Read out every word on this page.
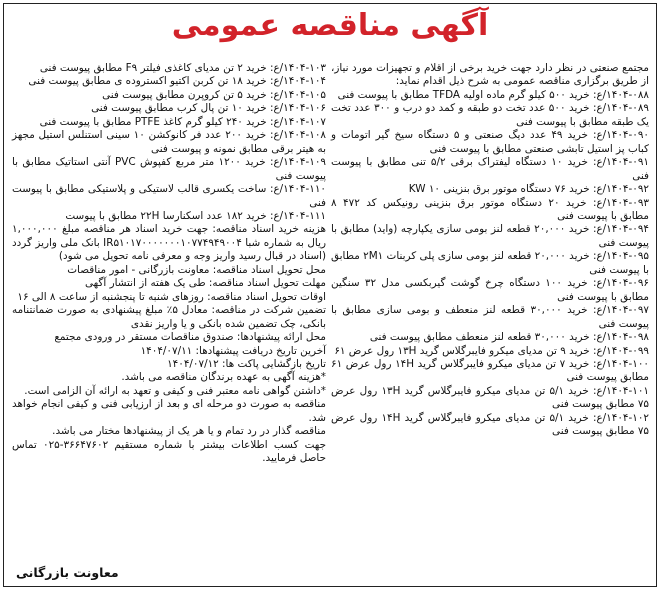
آگهی مناقصه عمومی

مجتمع صنعتی در نظر دارد جهت خرید برخی از اقلام و تجهیزات مورد نیاز، از طریق برگزاری مناقصه عمومی به شرح ذیل اقدام نماید:

۱۴۰۴-۰۸۸/ع: خرید ۵۰۰ کیلو گرم ماده اولیه TFDA مطابق با پیوست فنی

۱۴۰۴-۰۸۹/ع: خرید ۵۰۰ عدد تخت دو طبقه و کمد دو درب و ۳۰۰ عدد تخت یک طبقه مطابق با پیوست فنی

۱۴۰۴-۰۹۰/ع: خرید ۴۹ عدد دیگ صنعتی و ۵ دستگاه سیخ گیر اتومات و کباب پز استیل تابشی صنعتی مطابق با پیوست فنی

۱۴۰۴-۰۹۱/ع: خرید ۱۰ دستگاه لیفتراک برقی ۵/۲ تنی مطابق با پیوست فنی

۱۴۰۴-۰۹۲/ع: خرید ۷۶ دستگاه موتور برق بنزینی ۱۰ KW

۱۴۰۴-۰۹۳/ع: خرید ۲۰ دستگاه موتور برق بنزینی رونیکس کد ۴۷۲ ۸ مطابق با پیوست فنی

۱۴۰۴-۰۹۴/ع: خرید ۲۰,۰۰۰ قطعه لنز بومی سازی یکپارچه (واید) مطابق با پیوست فنی

۱۴۰۴-۰۹۵/ع: خرید ۲۰,۰۰۰ قطعه لنز بومی سازی پلی کربنات ۲M۱ مطابق با پیوست فنی

۱۴۰۴-۰۹۶/ع: خرید ۱۰۰ دستگاه چرخ گوشت گیربکسی مدل ۳۲ سنگین مطابق با پیوست فنی

۱۴۰۴-۰۹۷/ع: خرید ۳۰,۰۰۰ قطعه لنز منعطف و بومی سازی مطابق با پیوست فنی

۱۴۰۴-۰۹۸/ع: خرید ۳۰,۰۰۰ قطعه لنز منعطف مطابق پیوست فنی

۱۴۰۴-۰۹۹/ع: خرید ۹ تن مدیای میکرو فایبرگلاس گرید ۱۳H رول عرض ۶۱

۱۴۰۴-۱۰۰/ع: خرید ۷ تن مدیای میکرو فایبرگلاس گرید ۱۴H رول عرض ۶۱ مطابق پیوست فنی

۱۴۰۴-۱۰۱/ع: خرید ۵/۱ تن مدیای میکرو فایبرگلاس گرید ۱۳H رول عرض ۷۵ مطابق پیوست فنی

۱۴۰۴-۱۰۲/ع: خرید ۵/۱ تن مدیای میکرو فایبرگلاس گرید ۱۴H رول عرض ۷۵ مطابق پیوست فنی

۱۴۰۴-۱۰۳/ع: خرید ۲ تن مدیای کاغذی فیلتر F۹ مطابق پیوست فنی

۱۴۰۴-۱۰۴/ع: خرید ۱۸ تن کربن اکتیو اکستروده ی مطابق پیوست فنی

۱۴۰۴-۱۰۵/ع: خرید ۵ تن کروپرن مطابق پیوست فنی

۱۴۰۴-۱۰۶/ع: خرید ۱۰ تن پال کرب مطابق پیوست فنی

۱۴۰۴-۱۰۷/ع: خرید ۲۴۰ کیلو گرم کاغذ PTFE مطابق با پیوست فنی

۱۴۰۴-۱۰۸/ع: خرید ۲۰۰ عدد فر کانوکشن ۱۰ سینی استنلس استیل مجهز به هیتر برقی مطابق نمونه و پیوست فنی

۱۴۰۴-۱۰۹/ع: خرید ۱۲۰۰ متر مربع کفپوش PVC آنتی استاتیک مطابق با پیوست فنی

۱۴۰۴-۱۱۰/ع: ساخت یکسری قالب لاستیکی و پلاستیکی مطابق با پیوست فنی

۱۴۰۴-۱۱۱/ع: خرید ۱۸۲ عدد اسکنارسا ۲۲H مطابق با پیوست

هزینه خرید اسناد مناقصه: جهت خرید اسناد هر مناقصه مبلغ ۱,۰۰۰,۰۰۰ ریال به شماره شبا IR۵۱۰۱۷۰۰۰۰۰۰۰۱۰۷۷۴۹۴۹۰۰۴ بانک ملی واریز گردد (اسناد در قبال رسید واریز وجه و معرفی نامه تحویل می شود)

محل تحویل اسناد مناقصه: معاونت بازرگانی - امور مناقصات

مهلت تحویل اسناد مناقصه: طی یک هفته از انتشار آگهی

اوقات تحویل اسناد مناقصه: روزهای شنبه تا پنجشنبه از ساعت ۸ الی ۱۶

تضمین شرکت در مناقصه: معادل ۵٪ مبلغ پیشنهادی به صورت ضمانتنامه بانکی، چک تضمین شده بانکی و یا واریز نقدی

محل ارائه پیشنهادها: صندوق مناقصات مستقر در ورودی مجتمع

آخرین تاریخ دریافت پیشنهادها: ۱۴۰۴/۰۷/۱۱

تاریخ بازگشایی پاکت ها: ۱۴۰۴/۰۷/۱۲

*هزینه آگهی به عهده برندگان مناقصه می باشد.

*داشتن گواهی نامه معتبر فنی و کیفی و تعهد به ارائه آن الزامی است.

مناقصه به صورت دو مرحله ای و بعد از ارزیابی فنی و کیفی انجام خواهد شد.

مناقصه گذار در رد تمام و یا هر یک از پیشنهادها مختار می باشد.

جهت کسب اطلاعات بیشتر با شماره مستقیم ۳۶۶۴۷۶۰۲-۰۲۵ تماس حاصل فرمایید.

معاونت بازرگانی
